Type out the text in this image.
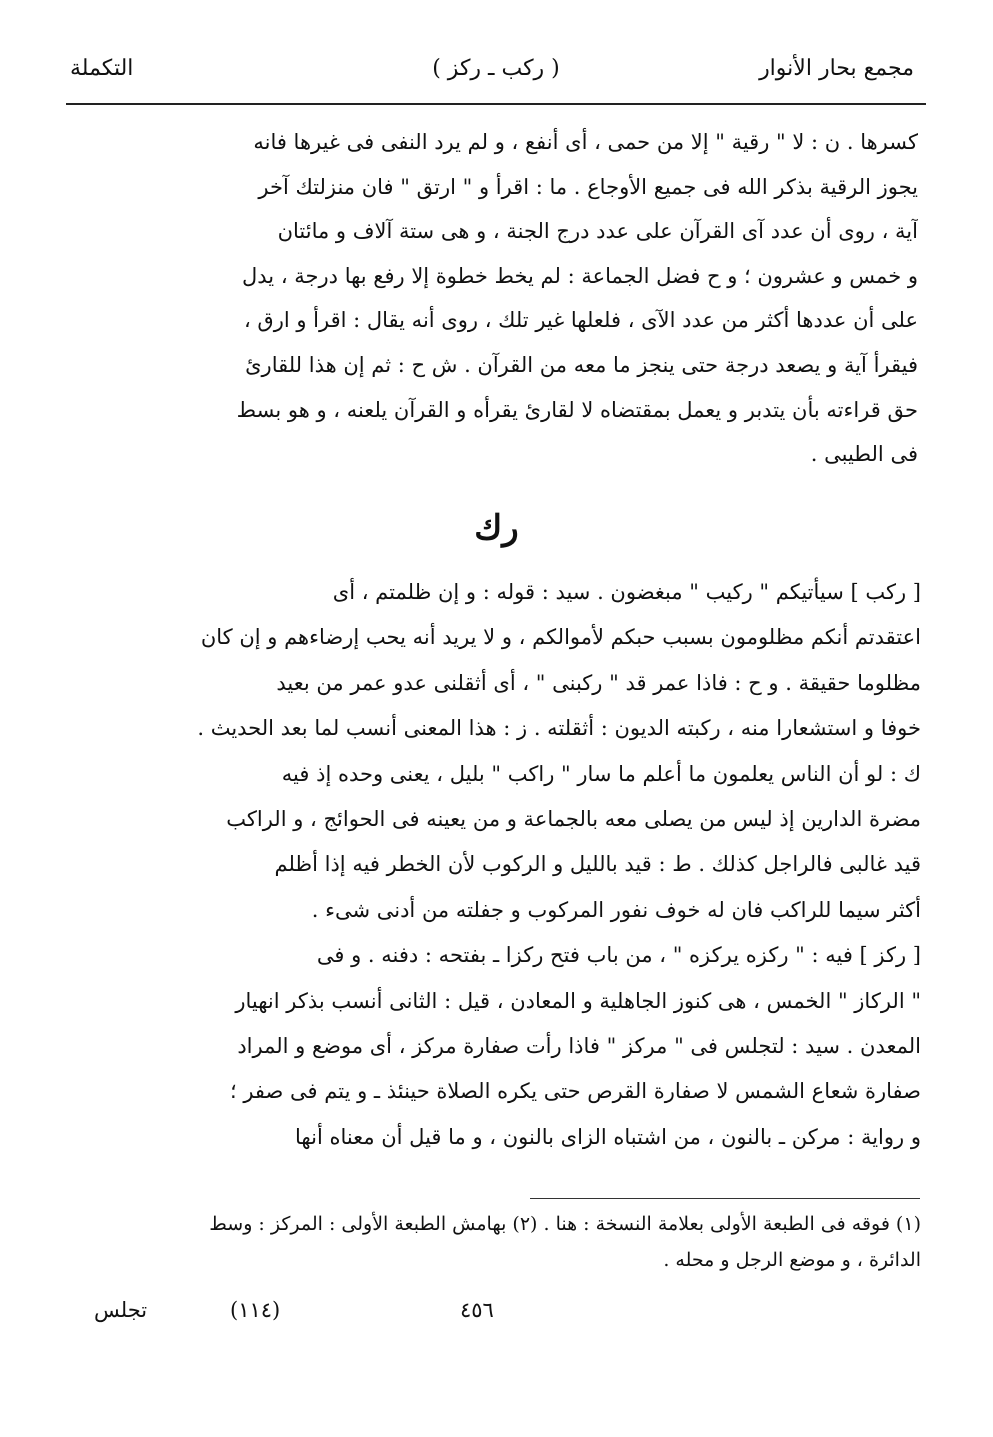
مجمع بحار الأنوار
( ركب ـ ركز )
التكملة
كسرها . ن : لا " رقية " إلا من حمى ، أى أنفع ، و لم يرد النفى فى غيرها فانه
يجوز الرقية بذكر الله فى جميع الأوجاع . ما : اقرأ و " ارتق " فان منزلتك آخر
آية ، روى أن عدد آى القرآن على عدد درج الجنة ، و هى ستة آلاف و مائتان
و خمس و عشرون ؛ و ح فضل الجماعة : لم يخط خطوة إلا رفع بها درجة ، يدل
على أن عددها أكثر من عدد الآى ، فلعلها غير تلك ، روى أنه يقال : اقرأ و ارق ،
فيقرأ آية و يصعد درجة حتى ينجز ما معه من القرآن . ش ح : ثم إن هذا للقارئ
حق قراءته بأن يتدبر و يعمل بمقتضاه لا لقارئ يقرأه و القرآن يلعنه ، و هو بسط
فى الطيبى .
رك
[ ركب ] سيأتيكم " ركيب " مبغضون . سيد : قوله : و إن ظلمتم ، أى
اعتقدتم أنكم مظلومون بسبب حبكم لأموالكم ، و لا يريد أنه يحب إرضاءهم و إن كان
مظلوما حقيقة . و ح : فاذا عمر قد " ركبنى " ، أى أثقلنى عدو عمر من بعيد
خوفا و استشعارا منه ، ركبته الديون : أثقلته . ز : هذا المعنى أنسب لما بعد الحديث .
ك : لو أن الناس يعلمون ما أعلم ما سار " راكب " بليل ، يعنى وحده إذ فيه
مضرة الدارين إذ ليس من يصلى معه بالجماعة و من يعينه فى الحوائج ، و الراكب
قيد غالبى فالراجل كذلك . ط : قيد بالليل و الركوب لأن الخطر فيه إذا أظلم
أكثر سيما للراكب فان له خوف نفور المركوب و جفلته من أدنى شىء .
[ ركز ] فيه : " ركزه يركزه " ، من باب فتح ركزا ـ بفتحه : دفنه . و فى
" الركاز " الخمس ، هى كنوز الجاهلية و المعادن ، قيل : الثانى أنسب بذكر انهيار
المعدن . سيد : لتجلس فى " مركز " فاذا رأت صفارة مركز ، أى موضع و المراد
صفارة شعاع الشمس لا صفارة القرص حتى يكره الصلاة حينئذ ـ و يتم فى صفر ؛
و رواية : مركن ـ بالنون ، من اشتباه الزاى بالنون ، و ما قيل أن معناه أنها
(١) فوقه فى الطبعة الأولى بعلامة النسخة : هنا . (٢) بهامش الطبعة الأولى : المركز : وسط
الدائرة ، و موضع الرجل و محله .
٤٥٦
(١١٤)
تجلس
